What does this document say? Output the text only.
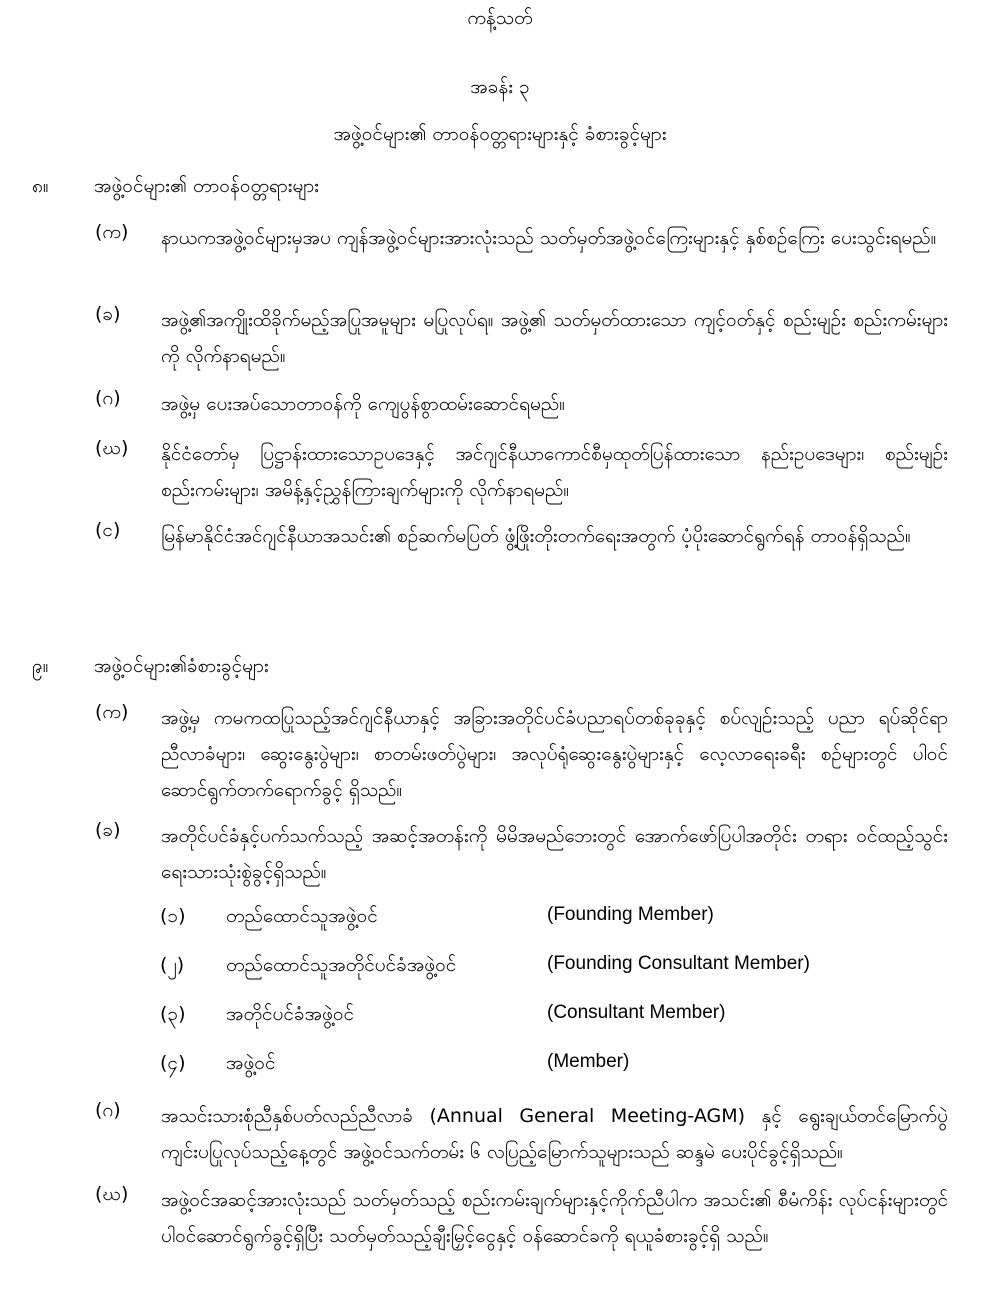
ကန့်သတ်
အခန်း ၃
အဖွဲ့ဝင်များ၏ တာဝန်ဝတ္တရားများနှင့် ခံစားခွင့်များ
၈။ အဖွဲ့ဝင်များ၏ တာဝန်ဝတ္တရားများ
(က) နာယကအဖွဲ့ဝင်များမှအပ ကျန်အဖွဲ့ဝင်များအားလုံးသည် သတ်မှတ်အဖွဲ့ဝင်ကြေးများနှင့် နှစ်စဉ်ကြေး ပေးသွင်းရမည်။
(ခ) အဖွဲ့၏အကျိုးထိခိုက်မည့်အပြုအမူများ မပြုလုပ်ရ။ အဖွဲ့၏ သတ်မှတ်ထားသော ကျင့်ဝတ်နှင့် စည်းမျဉ်း စည်းကမ်းများကို လိုက်နာရမည်။
(ဂ) အဖွဲ့မှ ပေးအပ်သောတာဝန်ကို ကျေပွန်စွာထမ်းဆောင်ရမည်။
(ဃ) နိုင်ငံတော်မှ ပြဋ္ဌာန်းထားသောဥပဒေနှင့် အင်ဂျင်နီယာကောင်စီမှထုတ်ပြန်ထားသော နည်းဥပဒေများ၊ စည်းမျဉ်းစည်းကမ်းများ၊ အမိန့်နှင့်ညွှန်ကြားချက်များကို လိုက်နာရမည်။
(င) မြန်မာနိုင်ငံအင်ဂျင်နီယာအသင်း၏ စဉ်ဆက်မပြတ် ဖွံ့ဖြိုးတိုးတက်ရေးအတွက် ပံ့ပိုးဆောင်ရွက်ရန် တာဝန်ရှိသည်။
၉။ အဖွဲ့ဝင်များ၏ခံစားခွင့်များ
(က) အဖွဲ့မှ ကမကထပြုသည့်အင်ဂျင်နီယာနှင့် အခြားအတိုင်ပင်ခံပညာရပ်တစ်ခုခုနှင့် စပ်လျဉ်းသည့် ပညာ ရပ်ဆိုင်ရာညီလာခံများ၊ ဆွေးနွေးပွဲများ၊ စာတမ်းဖတ်ပွဲများ၊ အလုပ်ရုံဆွေးနွေးပွဲများနှင့် လေ့လာရေးခရီး စဉ်များတွင် ပါဝင်ဆောင်ရွက်တက်ရောက်ခွင့် ရှိသည်။
(ခ) အတိုင်ပင်ခံနှင့်ပက်သက်သည့် အဆင့်အတန်းကို မိမိအမည်ဘေးတွင် အောက်ဖော်ပြပါအတိုင်း တရား ဝင်ထည့်သွင်းရေးသားသုံးစွဲခွင့်ရှိသည်။
(၁) တည်ထောင်သူအဖွဲ့ဝင်	(Founding Member)
(၂) တည်ထောင်သူအတိုင်ပင်ခံအဖွဲ့ဝင်	(Founding Consultant Member)
(၃) အတိုင်ပင်ခံအဖွဲ့ဝင်	(Consultant Member)
(၄) အဖွဲ့ဝင်	(Member)
(ဂ) အသင်းသားစုံညီနှစ်ပတ်လည်ညီလာခံ (Annual General Meeting-AGM) နှင့် ရွေးချယ်တင်မြောက်ပွဲ ကျင်းပပြုလုပ်သည့်နေ့တွင် အဖွဲ့ဝင်သက်တမ်း ၆ လပြည့်မြောက်သူများသည် ဆန္ဒမဲ ပေးပိုင်ခွင့်ရှိသည်။
(ဃ) အဖွဲ့ဝင်အဆင့်အားလုံးသည် သတ်မှတ်သည့် စည်းကမ်းချက်များနှင့်ကိုက်ညီပါက အသင်း၏ စီမံကိန်း လုပ်ငန်းများတွင် ပါဝင်ဆောင်ရွက်ခွင့်ရှိပြီး သတ်မှတ်သည့်ချီးမြှင့်ငွေနှင့် ဝန်ဆောင်ခကို ရယူခံစားခွင့်ရှိ သည်။
